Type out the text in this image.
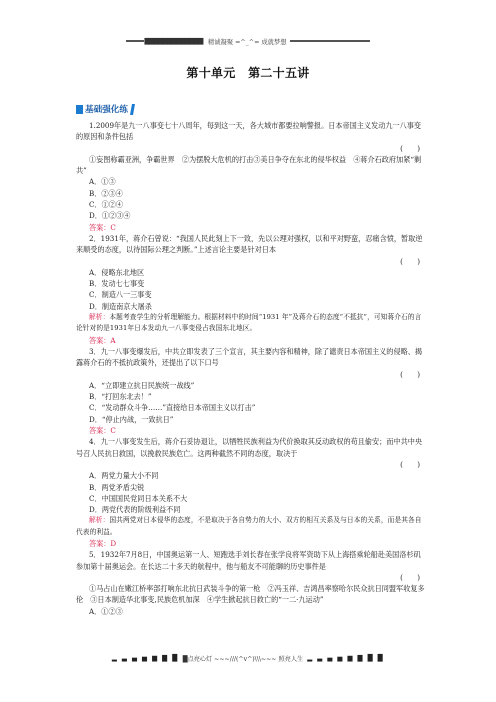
▇▇▇▇▇▇▇▇▇▇▇▇▇ 精诚凝聚 =^_^= 成就梦想
第十单元 第二十五讲
基础强化练

1.2009年是九一八事变七十八周年，每到这一天，各大城市都要拉响警报。日本帝国主义发动九一八事变的原因和条件包括

(　　)

①妄图称霸亚洲，争霸世界　②为摆脱大危机的打击③美日争夺在东北的侵华权益　④蒋介石政府加紧“剿共”

A．①③

B．②③④

C．①②④

D．①②③④

答案：C

2．1931年，蒋介石曾说：“我国人民此刻上下一致，先以公理对强权，以和平对野蛮，忍痛含愤，暂取逆来顺受的态度，以待国际公理之判断。”上述言论主要是针对日本

(　　)

A．侵略东北地区

B．发动七七事变

C．制造八一三事变

D．制造南京大屠杀

解析：本题考查学生的分析理解能力。根据材料中的时间“1931 年”及蒋介石的态度“不抵抗”，可知蒋介石的言论针对的是1931年日本发动九一八事变侵占我国东北地区。

答案：A

3．九一八事变爆发后，中共立即发表了三个宣言，其主要内容和精神，除了谴责日本帝国主义的侵略、揭露蒋介石的不抵抗政策外，还提出了以下口号

(　　)

A．“立即建立抗日民族统一战线”

B．“打回东北去！”

C．“发动群众斗争……”直接给日本帝国主义以打击”

D．“停止内战，一致抗日”

答案：C

4．九一八事变发生后，蒋介石妥协退让，以牺牲民族利益为代价换取其反动政权的苟且偷安；而中共中央号召人民抗日救国，以挽救民族危亡。这两种截然不同的态度，取决于

(　　)

A．两党力量大小不同

B．两党矛盾尖锐

C．中国国民党同日本关系不大

D．两党代表的阶级利益不同

解析：国共两党对日本侵华的态度，不是取决于各自势力的大小、双方的相互关系及与日本的关系，而是其各自代表的利益。

答案：D

5．1932年7月8日，中国奥运第一人、短跑选手刘长春在张学良将军资助下从上海搭乘轮船赴美国洛杉矶参加第十届奥运会。在长达二十多天的航程中，他与船友不可能聊的历史事件是

(　　)

①马占山在嫩江桥率部打响东北抗日武装斗争的第一枪　②冯玉祥、吉鸿昌率察哈尔民众抗日同盟军收复多伦　③日本制造华北事变,民族危机加深　④学生掀起抗日救亡的“一二·九运动”

A．①②③

▂ ▃ ▄ ▅ ▆ ▇ █ █点亮心灯 ~~~///(^v^)\\\~~~ 照亮人生 ▂ ▃ ▄ ▅ ▆ ▇ █ █
